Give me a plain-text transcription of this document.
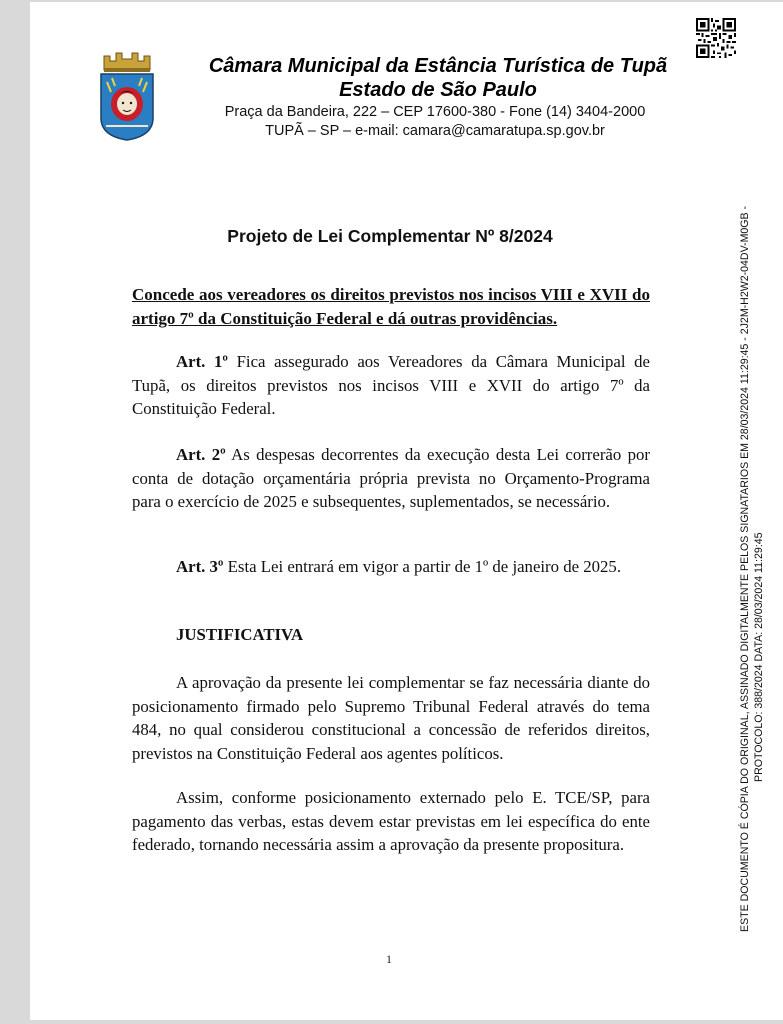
Câmara Municipal da Estância Turística de Tupã
Estado de São Paulo
Praça da Bandeira, 222 – CEP 17600-380 - Fone (14) 3404-2000
TUPÃ – SP – e-mail: camara@camaratupa.sp.gov.br
ESTE DOCUMENTO É CÓPIA DO ORIGINAL, ASSINADO DIGITALMENTE PELOS SIGNATARIOS EM 28/03/2024 11:29:45 - 2J2M-H2W2-04DV-M0GB - PROTOCOLO: 388/2024 DATA: 28/03/2024 11:29:45
Projeto de Lei Complementar Nº 8/2024
Concede aos vereadores os direitos previstos nos incisos VIII e XVII do artigo 7º da Constituição Federal e dá outras providências.
Art. 1º Fica assegurado aos Vereadores da Câmara Municipal de Tupã, os direitos previstos nos incisos VIII e XVII do artigo 7º da Constituição Federal.
Art. 2º As despesas decorrentes da execução desta Lei correrão por conta de dotação orçamentária própria prevista no Orçamento-Programa para o exercício de 2025 e subsequentes, suplementados, se necessário.
Art. 3º Esta Lei entrará em vigor a partir de 1º de janeiro de 2025.
JUSTIFICATIVA
A aprovação da presente lei complementar se faz necessária diante do posicionamento firmado pelo Supremo Tribunal Federal através do tema 484, no qual considerou constitucional a concessão de referidos direitos, previstos na Constituição Federal aos agentes políticos.
Assim, conforme posicionamento externado pelo E. TCE/SP, para pagamento das verbas, estas devem estar previstas em lei específica do ente federado, tornando necessária assim a aprovação da presente propositura.
1
